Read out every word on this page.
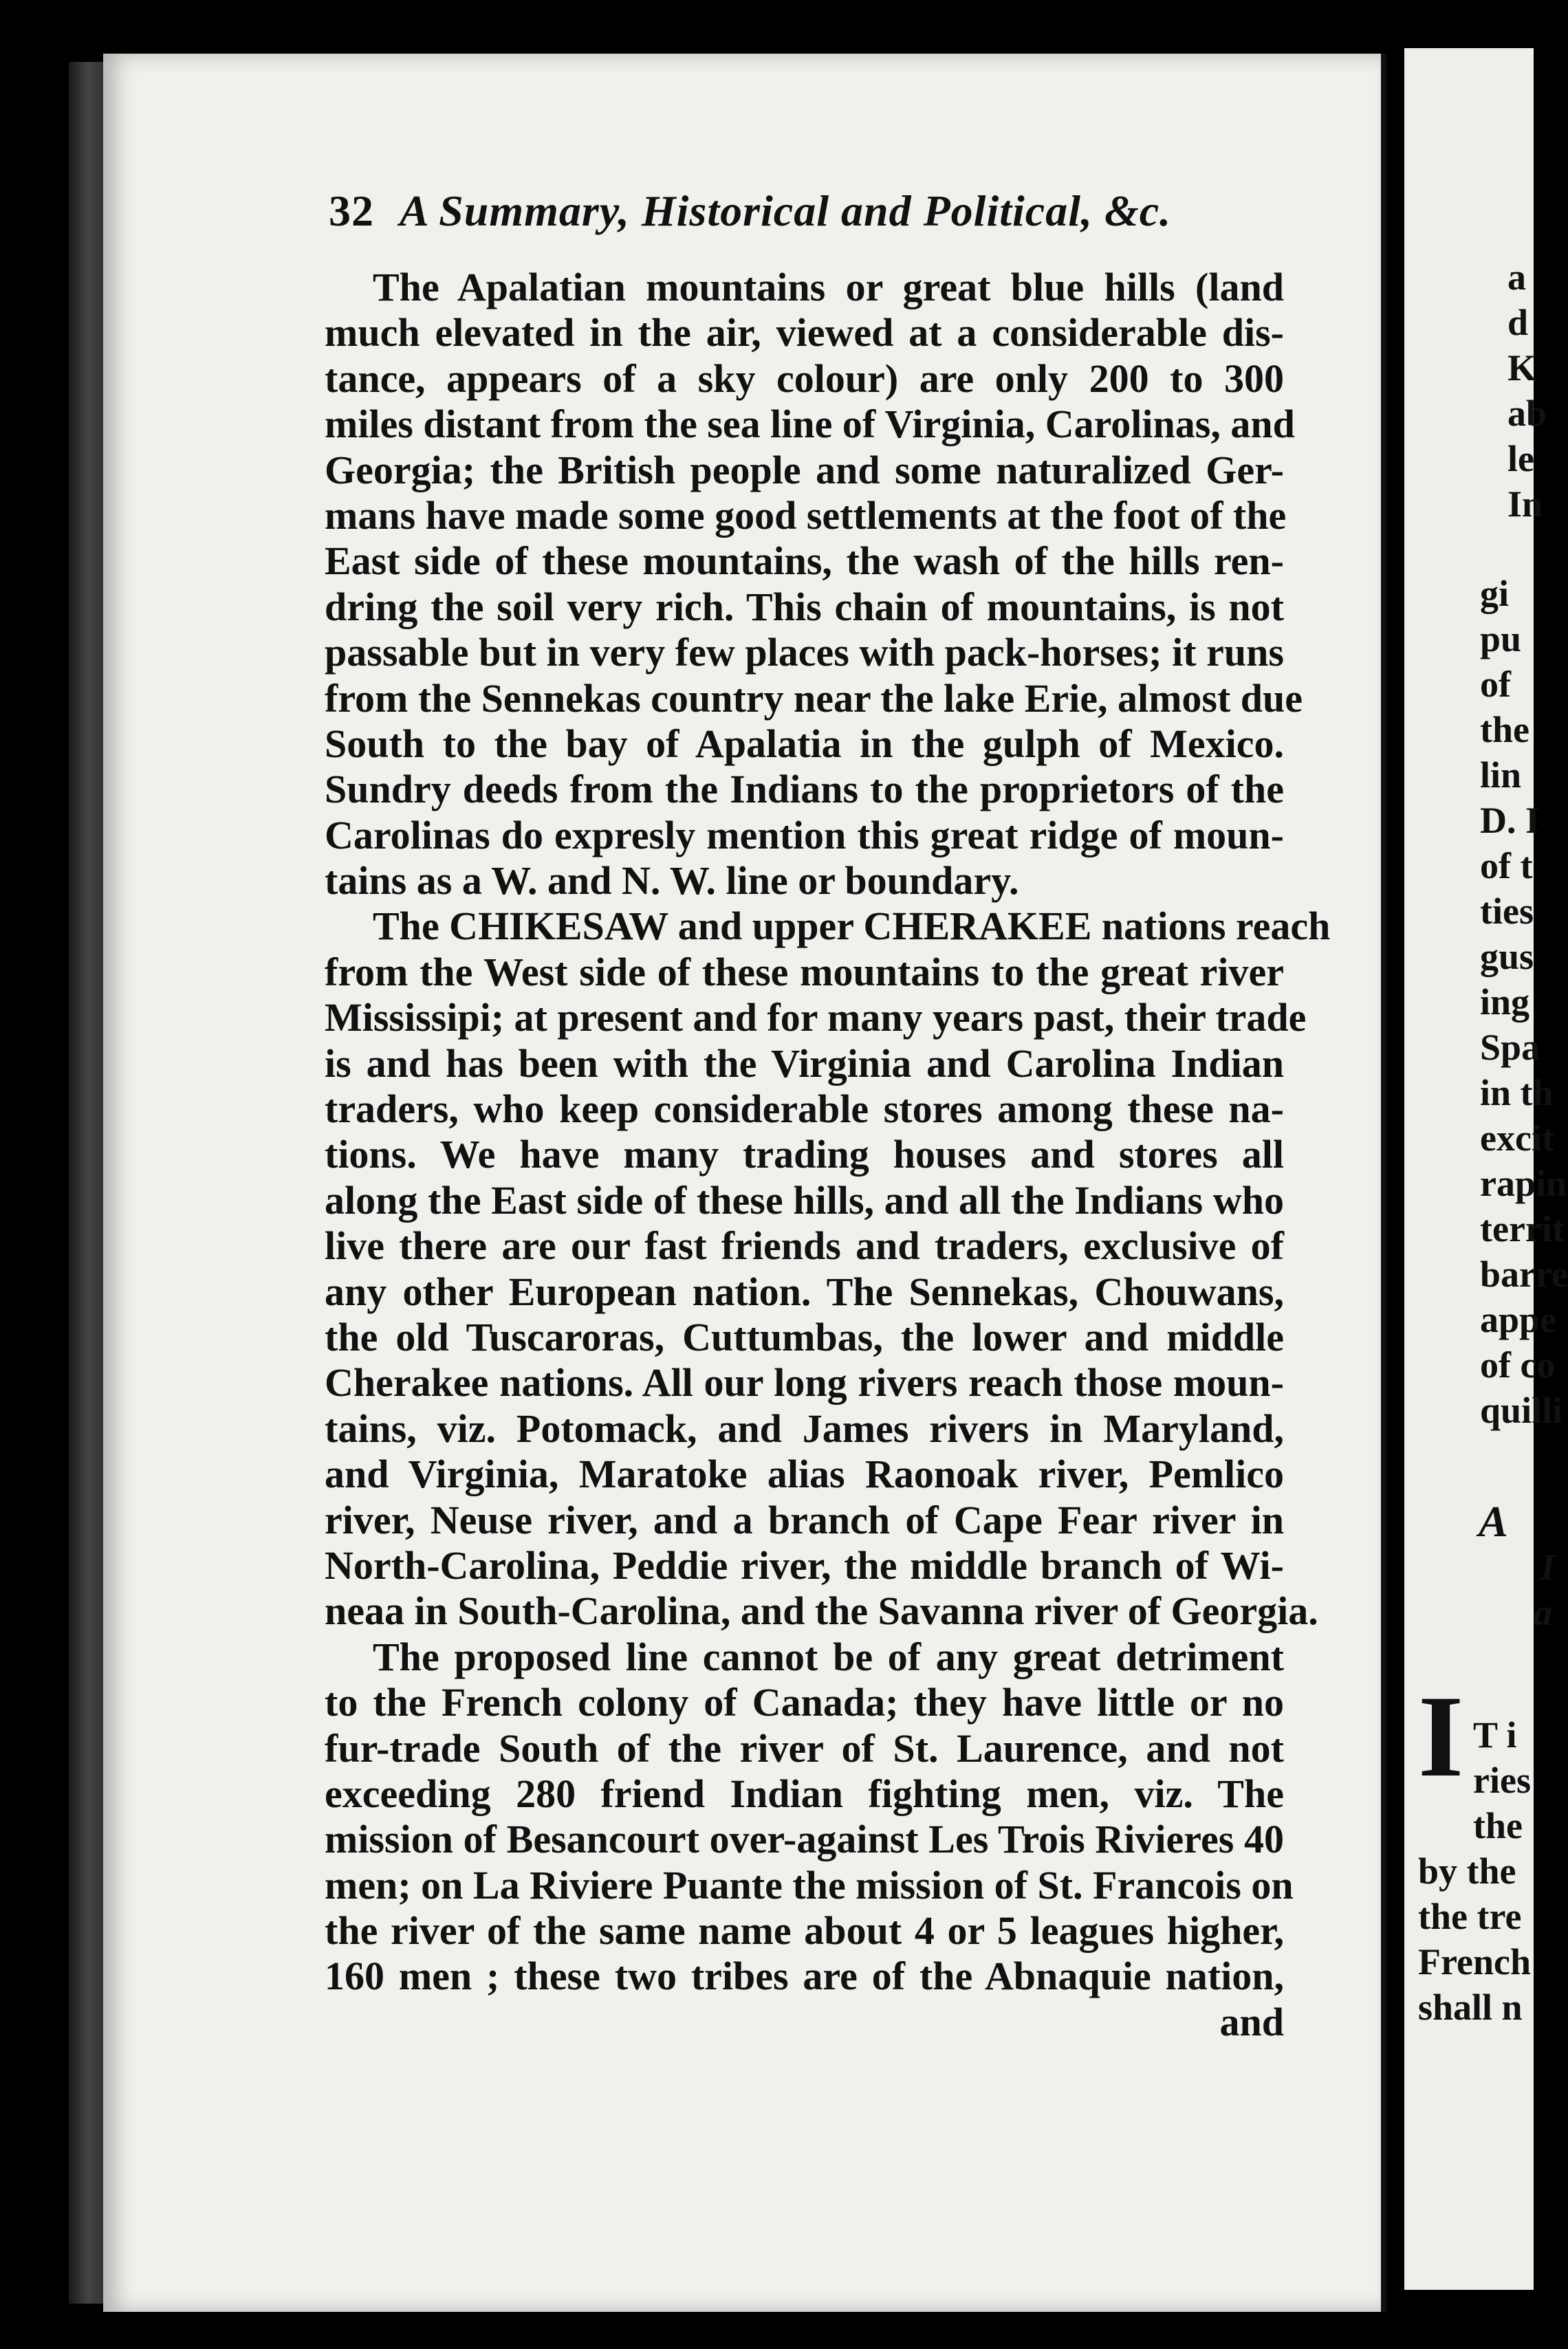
32 A Summary, Historical and Political, &c.
The Apalatian mountains or great blue hills (land
much elevated in the air, viewed at a considerable dis-
tance, appears of a sky colour) are only 200 to 300
miles distant from the sea line of Virginia, Carolinas, and
Georgia; the British people and some naturalized Ger-
mans have made some good settlements at the foot of the
East side of these mountains, the wash of the hills ren-
dring the soil very rich. This chain of mountains, is not
passable but in very few places with pack-horses; it runs
from the Sennekas country near the lake Erie, almost due
South to the bay of Apalatia in the gulph of Mexico.
Sundry deeds from the Indians to the proprietors of the
Carolinas do expresly mention this great ridge of moun-
tains as a W. and N. W. line or boundary.
The CHIKESAW and upper CHERAKEE nations reach
from the West side of these mountains to the great river
Mississipi; at present and for many years past, their trade
is and has been with the Virginia and Carolina Indian
traders, who keep considerable stores among these na-
tions. We have many trading houses and stores all
along the East side of these hills, and all the Indians who
live there are our fast friends and traders, exclusive of
any other European nation. The Sennekas, Chouwans,
the old Tuscaroras, Cuttumbas, the lower and middle
Cherakee nations. All our long rivers reach those moun-
tains, viz. Potomack, and James rivers in Maryland,
and Virginia, Maratoke alias Raonoak river, Pemlico
river, Neuse river, and a branch of Cape Fear river in
North-Carolina, Peddie river, the middle branch of Wi-
neaa in South-Carolina, and the Savanna river of Georgia.
The proposed line cannot be of any great detriment
to the French colony of Canada; they have little or no
fur-trade South of the river of St. Laurence, and not
exceeding 280 friend Indian fighting men, viz. The
mission of Besancourt over-against Les Trois Rivieres 40
men; on La Riviere Puante the mission of St. Francois on
the river of the same name about 4 or 5 leagues higher,
160 men ; these two tribes are of the Abnaquie nation,
and
a
d
K
ab
le
In
gi
pu
of
the
lin
D. I
of t
ties
gus
ing
Spa
in th
excit
rapin
territ
barre
appe
of co
quilli
A
I
a
I T i
ries
the
by the
the tre
French
shall n
